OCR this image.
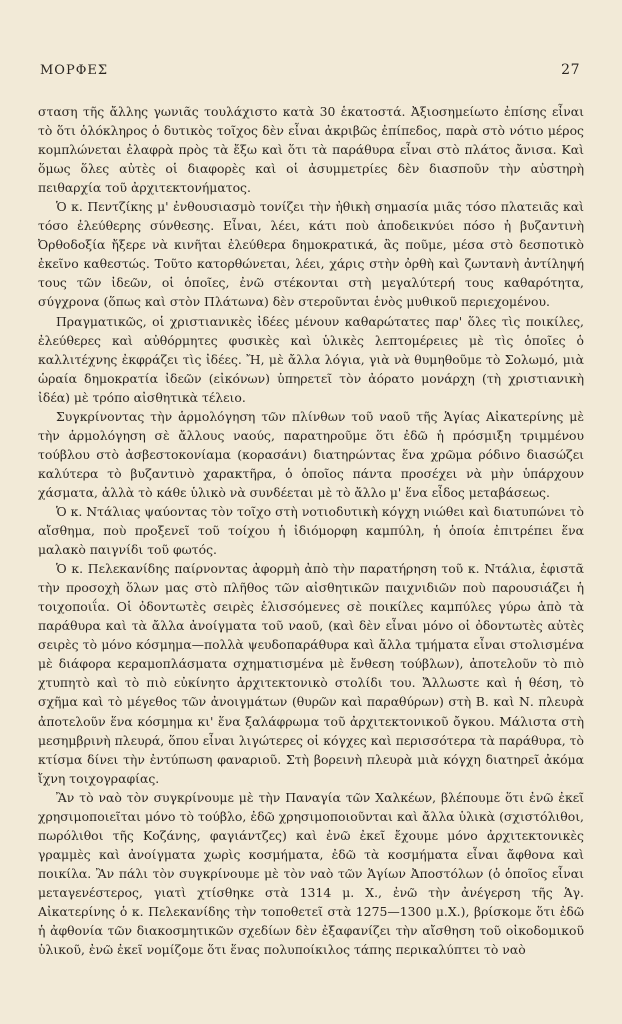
ΜΟΡΦΕΣ	27

σταση τῆς ἄλλης γωνιᾶς τουλάχιστο κατὰ 30 ἑκατοστά. Ἀξιοσημείωτο ἐπίσης εἶναι τὸ ὅτι ὁλόκληρος ὁ δυτικὸς τοῖχος δὲν εἶναι ἀκριβῶς ἐπίπεδος, παρὰ στὸ νότιο μέρος κομπλώνεται ἐλαφρὰ πρὸς τὰ ἔξω καὶ ὅτι τὰ παράθυρα εἶναι στὸ πλάτος ἄνισα. Καὶ ὅμως ὅλες αὐτὲς οἱ διαφορὲς καὶ οἱ ἀσυμμετρίες δὲν διασποῦν τὴν αὐστηρὴ πειθαρχία τοῦ ἀρχιτεκτονήματος.

Ὁ κ. Πεντζίκης μ' ἐνθουσιασμὸ τονίζει τὴν ἠθικὴ σημασία μιᾶς τόσο πλατειᾶς καὶ τόσο ἐλεύθερης σύνθεσης. Εἶναι, λέει, κάτι ποὺ ἀποδεικνύει πόσο ἡ βυζαντινὴ Ὀρθοδοξία ἤξερε νὰ κινῆται ἐλεύθερα δημοκρατικά, ἂς ποῦμε, μέσα στὸ δεσποτικὸ ἐκεῖνο καθεστώς. Τοῦτο κατορθώνεται, λέει, χάρις στὴν ὀρθὴ καὶ ζωντανὴ ἀντίληψή τους τῶν ἰδεῶν, οἱ ὁποῖες, ἐνῶ στέκονται στὴ μεγαλύτερή τους καθαρότητα, σύγχρονα (ὅπως καὶ στὸν Πλάτωνα) δὲν στεροῦνται ἑνὸς μυθικοῦ περιεχομένου.

Πραγματικῶς, οἱ χριστιανικὲς ἰδέες μένουν καθαρώτατες παρ' ὅλες τὶς ποικίλες, ἐλεύθερες καὶ αὐθόρμητες φυσικὲς καὶ ὑλικὲς λεπτομέρειες μὲ τὶς ὁποῖες ὁ καλλιτέχνης ἐκφράζει τὶς ἰδέες. Ἤ, μὲ ἄλλα λόγια, γιὰ νὰ θυμηθοῦμε τὸ Σολωμό, μιὰ ὡραία δημοκρατία ἰδεῶν (εἰκόνων) ὑπηρετεῖ τὸν ἀόρατο μονάρχη (τὴ χριστιανικὴ ἰδέα) μὲ τρόπο αἰσθητικὰ τέλειο.

Συγκρίνοντας τὴν ἁρμολόγηση τῶν πλίνθων τοῦ ναοῦ τῆς Ἁγίας Αἰκατερίνης μὲ τὴν ἁρμολόγηση σὲ ἄλλους ναούς, παρατηροῦμε ὅτι ἐδῶ ἡ πρόσμιξη τριμμένου τούβλου στὸ ἀσβεστοκονίαμα (κορασάνι) διατηρώντας ἕνα χρῶμα ρόδινο διασώζει καλύτερα τὸ βυζαντινὸ χαρακτῆρα, ὁ ὁποῖος πάντα προσέχει νὰ μὴν ὑπάρχουν χάσματα, ἀλλὰ τὸ κάθε ὑλικὸ νὰ συνδέεται μὲ τὸ ἄλλο μ' ἕνα εἶδος μεταβάσεως.

Ὁ κ. Ντάλιας ψαύοντας τὸν τοῖχο στὴ νοτιοδυτικὴ κόγχη νιώθει καὶ διατυπώνει τὸ αἴσθημα, ποὺ προξενεῖ τοῦ τοίχου ἡ ἰδιόμορφη καμπύλη, ἡ ὁποία ἐπιτρέπει ἕνα μαλακὸ παιγνίδι τοῦ φωτός.

Ὁ κ. Πελεκανίδης παίρνοντας ἀφορμὴ ἀπὸ τὴν παρατήρηση τοῦ κ. Ντάλια, ἐφιστᾶ τὴν προσοχὴ ὅλων μας στὸ πλῆθος τῶν αἰσθητικῶν παιχνιδιῶν ποὺ παρουσιάζει ἡ τοιχοποιΐα. Οἱ ὀδοντωτὲς σειρὲς ἑλισσόμενες σὲ ποικίλες καμπύλες γύρω ἀπὸ τὰ παράθυρα καὶ τὰ ἄλλα ἀνοίγματα τοῦ ναοῦ, (καὶ δὲν εἶναι μόνο οἱ ὀδοντωτὲς αὐτὲς σειρὲς τὸ μόνο κόσμημα—πολλὰ ψευδοπαράθυρα καὶ ἄλλα τμήματα εἶναι στολισμένα μὲ διάφορα κεραμοπλάσματα σχηματισμένα μὲ ἔνθεση τούβλων), ἀποτελοῦν τὸ πιὸ χτυπητὸ καὶ τὸ πιὸ εὐκίνητο ἀρχιτεκτονικὸ στολίδι του. Ἄλλωστε καὶ ἡ θέση, τὸ σχῆμα καὶ τὸ μέγεθος τῶν ἀνοιγμάτων (θυρῶν καὶ παραθύρων) στὴ Β. καὶ Ν. πλευρὰ ἀποτελοῦν ἕνα κόσμημα κι' ἕνα ξαλάφρωμα τοῦ ἀρχιτεκτονικοῦ ὄγκου. Μάλιστα στὴ μεσημβρινὴ πλευρά, ὅπου εἶναι λιγώτερες οἱ κόγχες καὶ περισσότερα τὰ παράθυρα, τὸ κτίσμα δίνει τὴν ἐντύπωση φαναριοῦ. Στὴ βορεινὴ πλευρὰ μιὰ κόγχη διατηρεῖ ἀκόμα ἴχνη τοιχογραφίας.

Ἂν τὸ ναὸ τὸν συγκρίνουμε μὲ τὴν Παναγία τῶν Χαλκέων, βλέπουμε ὅτι ἐνῶ ἐκεῖ χρησιμοποιεῖται μόνο τὸ τούβλο, ἐδῶ χρησιμοποιοῦνται καὶ ἄλλα ὑλικὰ (σχιστόλιθοι, πωρόλιθοι τῆς Κοζάνης, φαγιάντζες) καὶ ἐνῶ ἐκεῖ ἔχουμε μόνο ἀρχιτεκτονικὲς γραμμὲς καὶ ἀνοίγματα χωρὶς κοσμήματα, ἐδῶ τὰ κοσμήματα εἶναι ἄφθονα καὶ ποικίλα. Ἂν πάλι τὸν συγκρίνουμε μὲ τὸν ναὸ τῶν Ἁγίων Ἀποστόλων (ὁ ὁποῖος εἶναι μεταγενέστερος, γιατὶ χτίσθηκε στὰ 1314 μ. Χ., ἐνῶ τὴν ἀνέγερση τῆς Ἁγ. Αἰκατερίνης ὁ κ. Πελεκανίδης τὴν τοποθετεῖ στὰ 1275—1300 μ.Χ.), βρίσκομε ὅτι ἐδῶ ἡ ἀφθονία τῶν διακοσμητικῶν σχεδίων δὲν ἐξαφανίζει τὴν αἴσθηση τοῦ οἰκοδομικοῦ ὑλικοῦ, ἐνῶ ἐκεῖ νομίζομε ὅτι ἕνας πολυποίκιλος τάπης περικαλύπτει τὸ ναὸ
